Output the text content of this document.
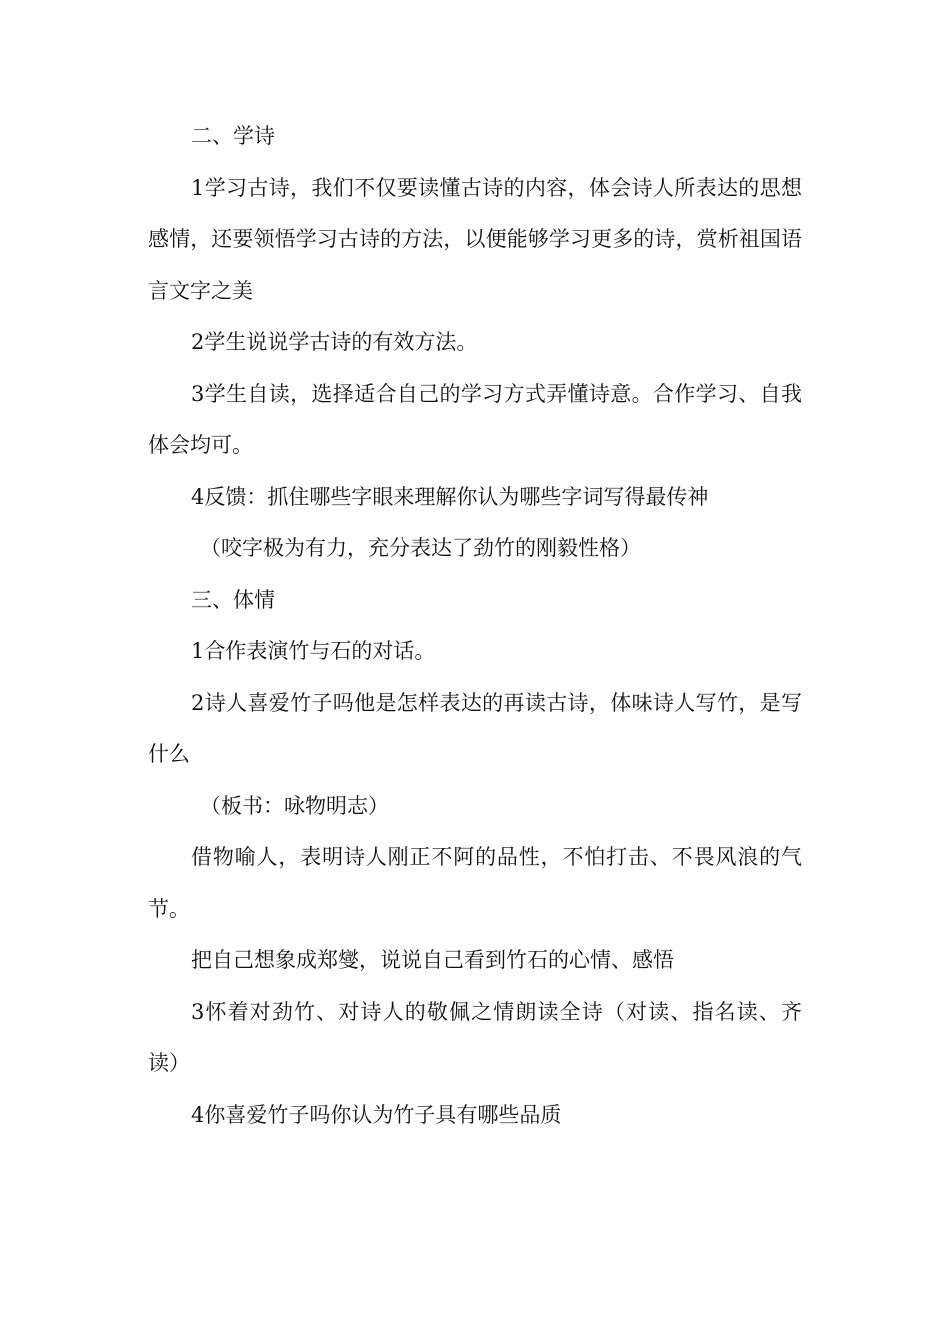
二、学诗

1学习古诗，我们不仅要读懂古诗的内容，体会诗人所表达的思想感情，还要领悟学习古诗的方法，以便能够学习更多的诗，赏析祖国语言文字之美

2学生说说学古诗的有效方法。

3学生自读，选择适合自己的学习方式弄懂诗意。合作学习、自我体会均可。

4反馈：抓住哪些字眼来理解你认为哪些字词写得最传神

（咬字极为有力，充分表达了劲竹的刚毅性格）

三、体情

1合作表演竹与石的对话。

2诗人喜爱竹子吗他是怎样表达的再读古诗，体味诗人写竹，是写什么

（板书：咏物明志）

借物喻人，表明诗人刚正不阿的品性，不怕打击、不畏风浪的气节。

把自己想象成郑燮，说说自己看到竹石的心情、感悟

3怀着对劲竹、对诗人的敬佩之情朗读全诗（对读、指名读、齐读）

4你喜爱竹子吗你认为竹子具有哪些品质
